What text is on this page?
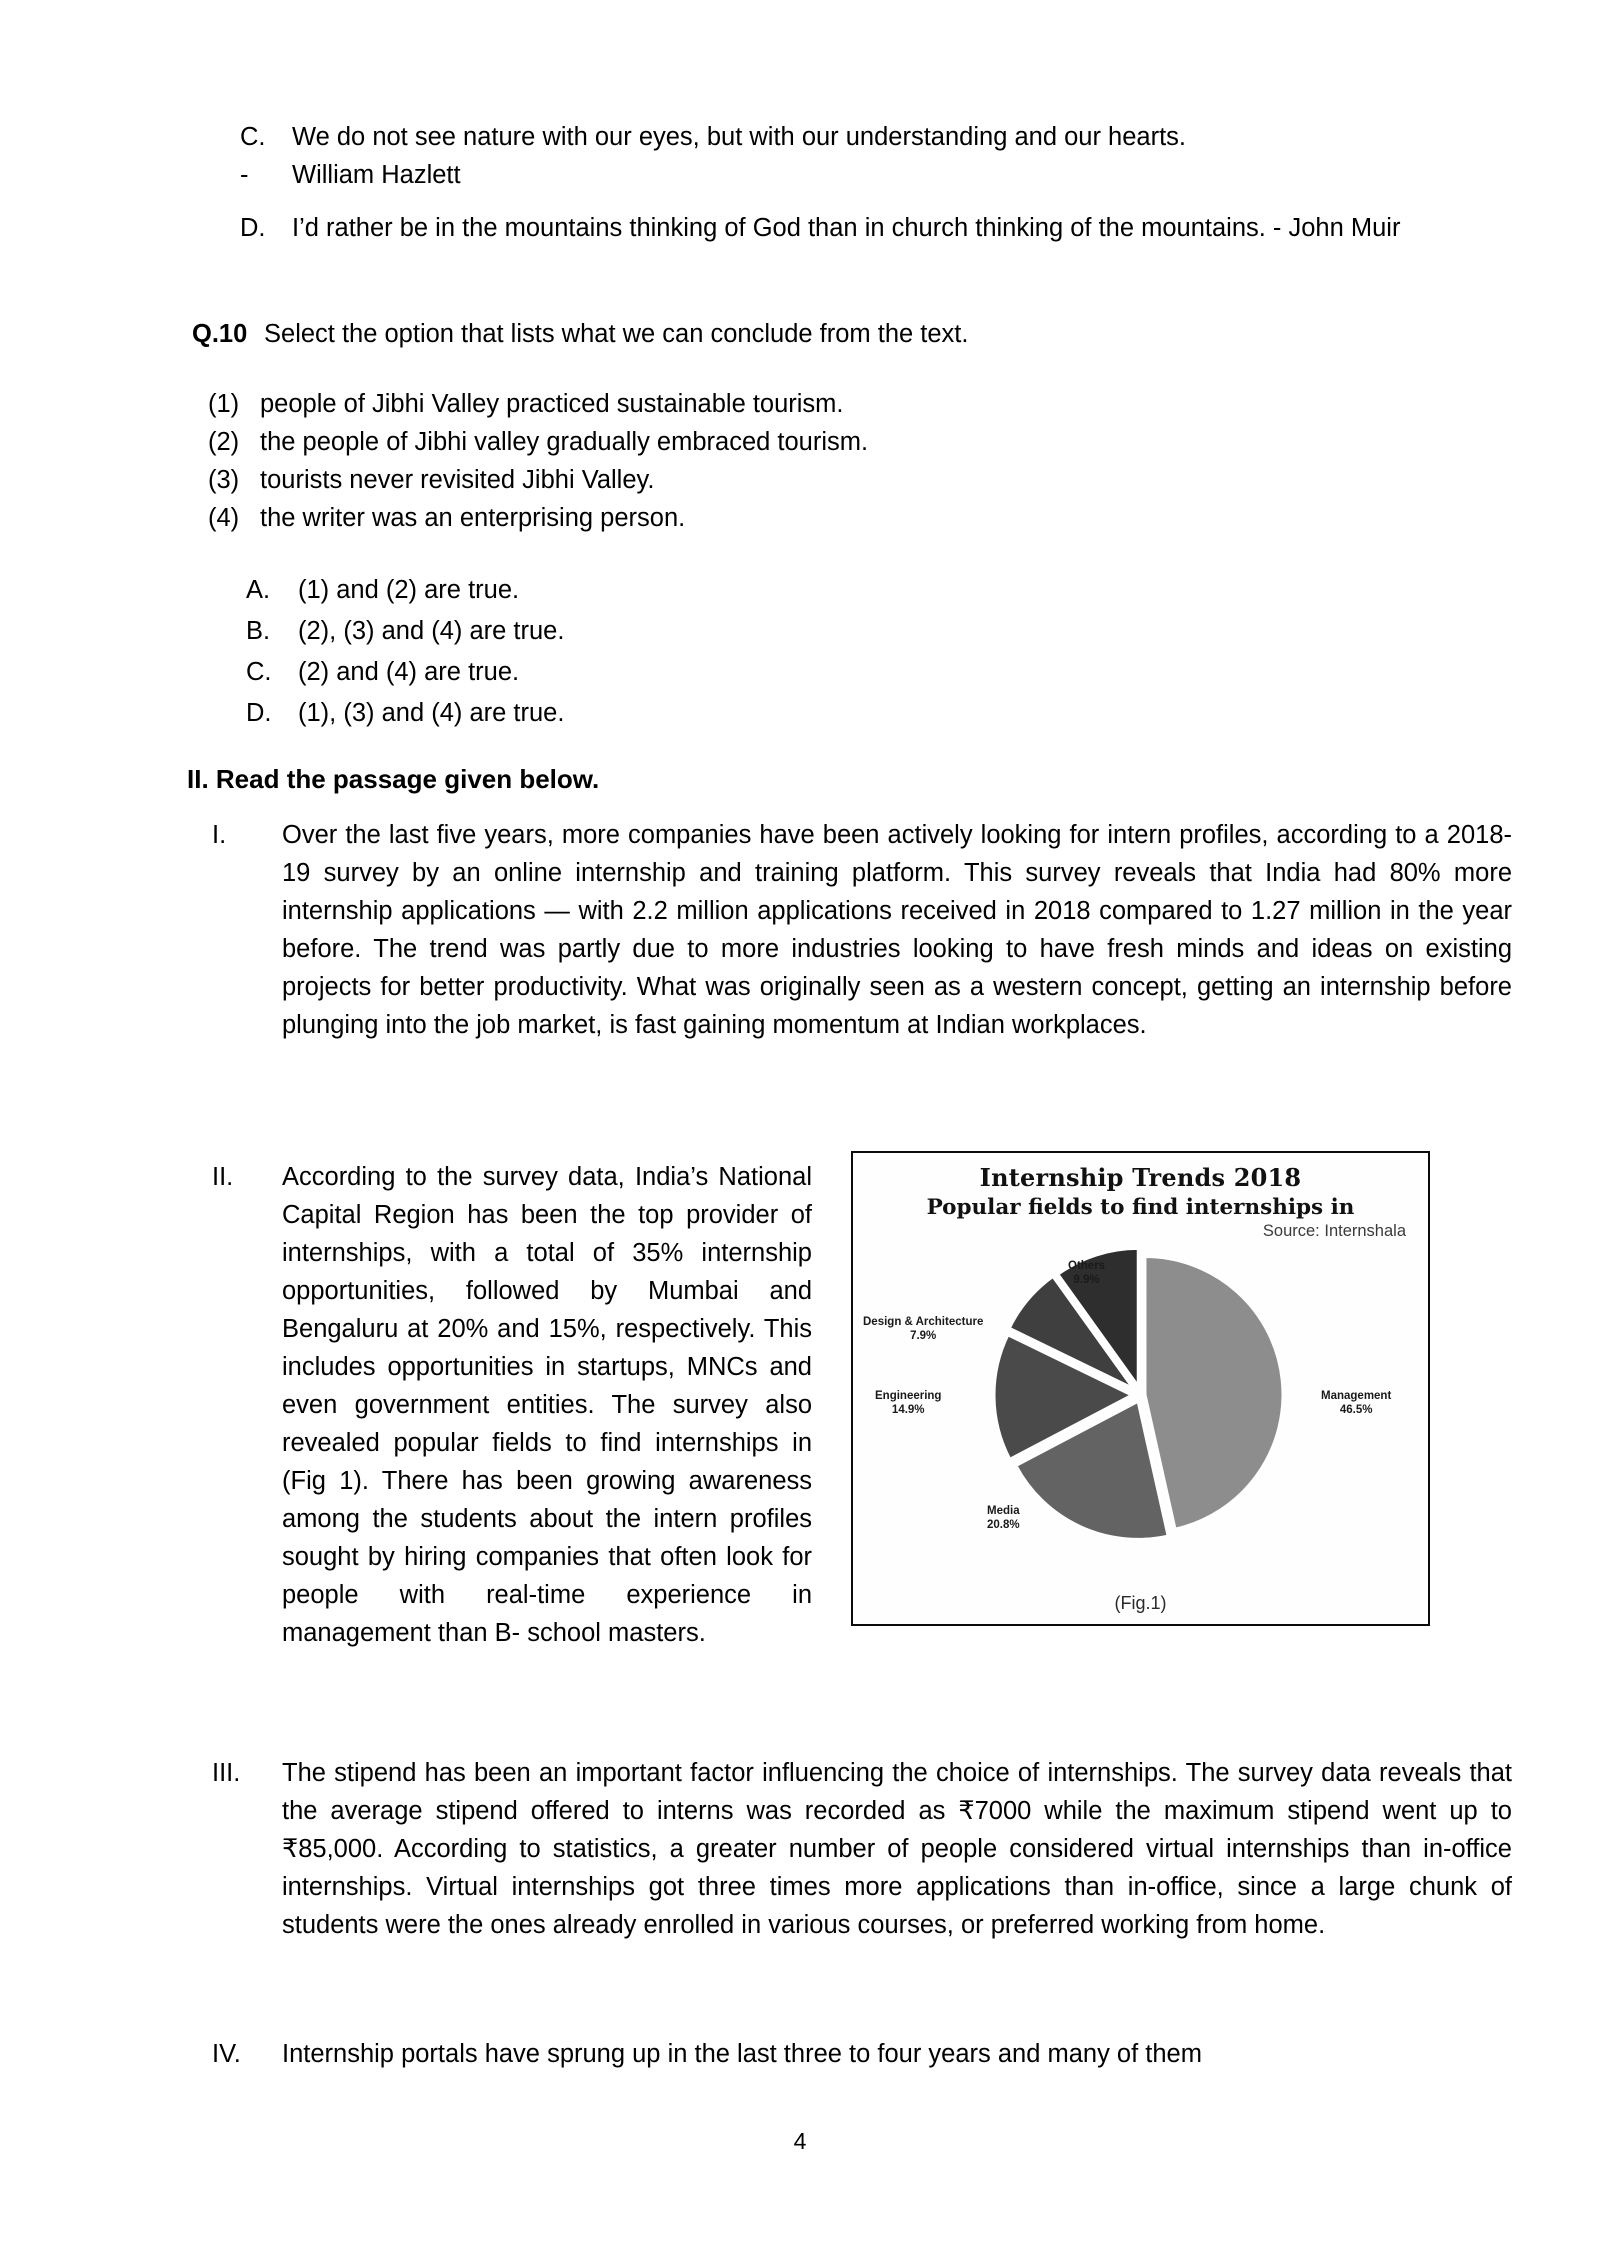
C.	We do not see nature with our eyes, but with our understanding and our hearts.
-	William Hazlett
D.	I’d rather be in the mountains thinking of God than in church thinking of the mountains. - John Muir
Q.10 Select the option that lists what we can conclude from the text.
(1) people of Jibhi Valley practiced sustainable tourism.
(2) the people of Jibhi valley gradually embraced tourism.
(3) tourists never revisited Jibhi Valley.
(4) the writer was an enterprising person.
A.	(1) and (2) are true.
B.	(2), (3) and (4) are true.
C.	(2) and (4) are true.
D.	(1), (3) and (4) are true.
II. Read the passage given below.
I.	Over the last five years, more companies have been actively looking for intern profiles, according to a 2018-19 survey by an online internship and training platform. This survey reveals that India had 80% more internship applications — with 2.2 million applications received in 2018 compared to 1.27 million in the year before. The trend was partly due to more industries looking to have fresh minds and ideas on existing projects for better productivity. What was originally seen as a western concept, getting an internship before plunging into the job market, is fast gaining momentum at Indian workplaces.
II.	According to the survey data, India’s National Capital Region has been the top provider of internships, with a total of 35% internship opportunities, followed by Mumbai and Bengaluru at 20% and 15%, respectively. This includes opportunities in startups, MNCs and even government entities. The survey also revealed popular fields to find internships in (Fig 1). There has been growing awareness among the students about the intern profiles sought by hiring companies that often look for people with real-time experience in management than B- school masters.
III.	The stipend has been an important factor influencing the choice of internships. The survey data reveals that the average stipend offered to interns was recorded as ₹7000 while the maximum stipend went up to ₹85,000. According to statistics, a greater number of people considered virtual internships than in-office internships. Virtual internships got three times more applications than in-office, since a large chunk of students were the ones already enrolled in various courses, or preferred working from home.
IV.	Internship portals have sprung up in the last three to four years and many of them
Internship Trends 2018
Popular fields to find internships in
Source: Internshala
Others
9.9%
Design & Architecture
7.9%
Engineering
14.9%
Media
20.8%
Management
46.5%
(Fig.1)
4
